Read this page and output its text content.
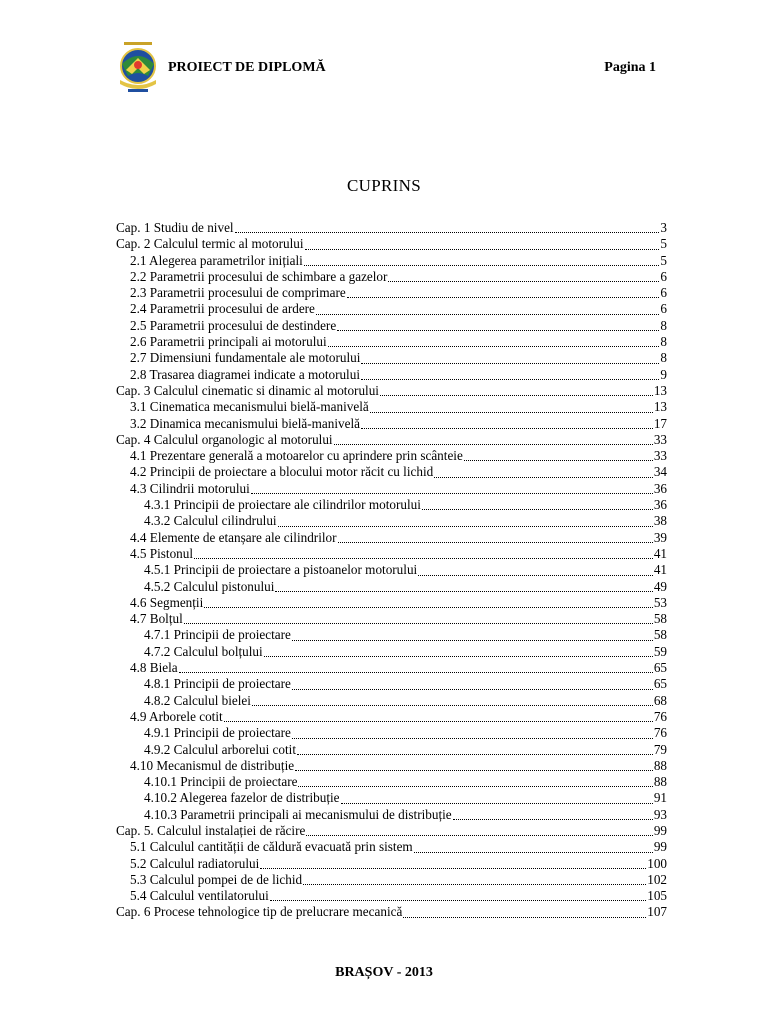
PROIECT DE DIPLOMĂ	Pagina 1
CUPRINS
Cap. 1 Studiu de nivel	3
Cap. 2 Calculul termic al motorului	5
2.1 Alegerea parametrilor inițiali	5
2.2 Parametrii procesului de schimbare a gazelor	6
2.3 Parametrii procesului de comprimare	6
2.4 Parametrii procesului de ardere	6
2.5 Parametrii procesului de destindere	8
2.6 Parametrii principali ai motorului	8
2.7 Dimensiuni fundamentale ale motorului	8
2.8 Trasarea diagramei indicate a motorului	9
Cap. 3 Calculul cinematic si dinamic al motorului	13
3.1 Cinematica mecanismului bielă-manivelă	13
3.2 Dinamica mecanismului bielă-manivelă	17
Cap. 4 Calculul organologic al motorului	33
4.1 Prezentare generală a motoarelor cu aprindere prin scânteie	33
4.2 Principii de proiectare a blocului motor răcit cu lichid	34
4.3 Cilindrii motorului	36
4.3.1 Principii de proiectare ale cilindrilor motorului	36
4.3.2 Calculul cilindrului	38
4.4 Elemente de etanșare ale cilindrilor	39
4.5 Pistonul	41
4.5.1 Principii de proiectare a pistoanelor motorului	41
4.5.2 Calculul pistonului	49
4.6 Segmenții	53
4.7 Bolțul	58
4.7.1 Principii de proiectare	58
4.7.2 Calculul bolțului	59
4.8 Biela	65
4.8.1 Principii de proiectare	65
4.8.2 Calculul bielei	68
4.9 Arborele cotit	76
4.9.1 Principii de proiectare	76
4.9.2 Calculul arborelui cotit	79
4.10 Mecanismul de distribuție	88
4.10.1 Principii de proiectare	88
4.10.2 Alegerea fazelor de distribuție	91
4.10.3 Parametrii principali ai mecanismului de distribuție	93
Cap. 5. Calculul instalației de răcire	99
5.1 Calculul cantității de căldură evacuată prin sistem	99
5.2 Calculul radiatorului	100
5.3 Calculul pompei de de lichid	102
5.4 Calculul ventilatorului	105
Cap. 6 Procese tehnologice tip de prelucrare mecanică	107
BRAȘOV - 2013
